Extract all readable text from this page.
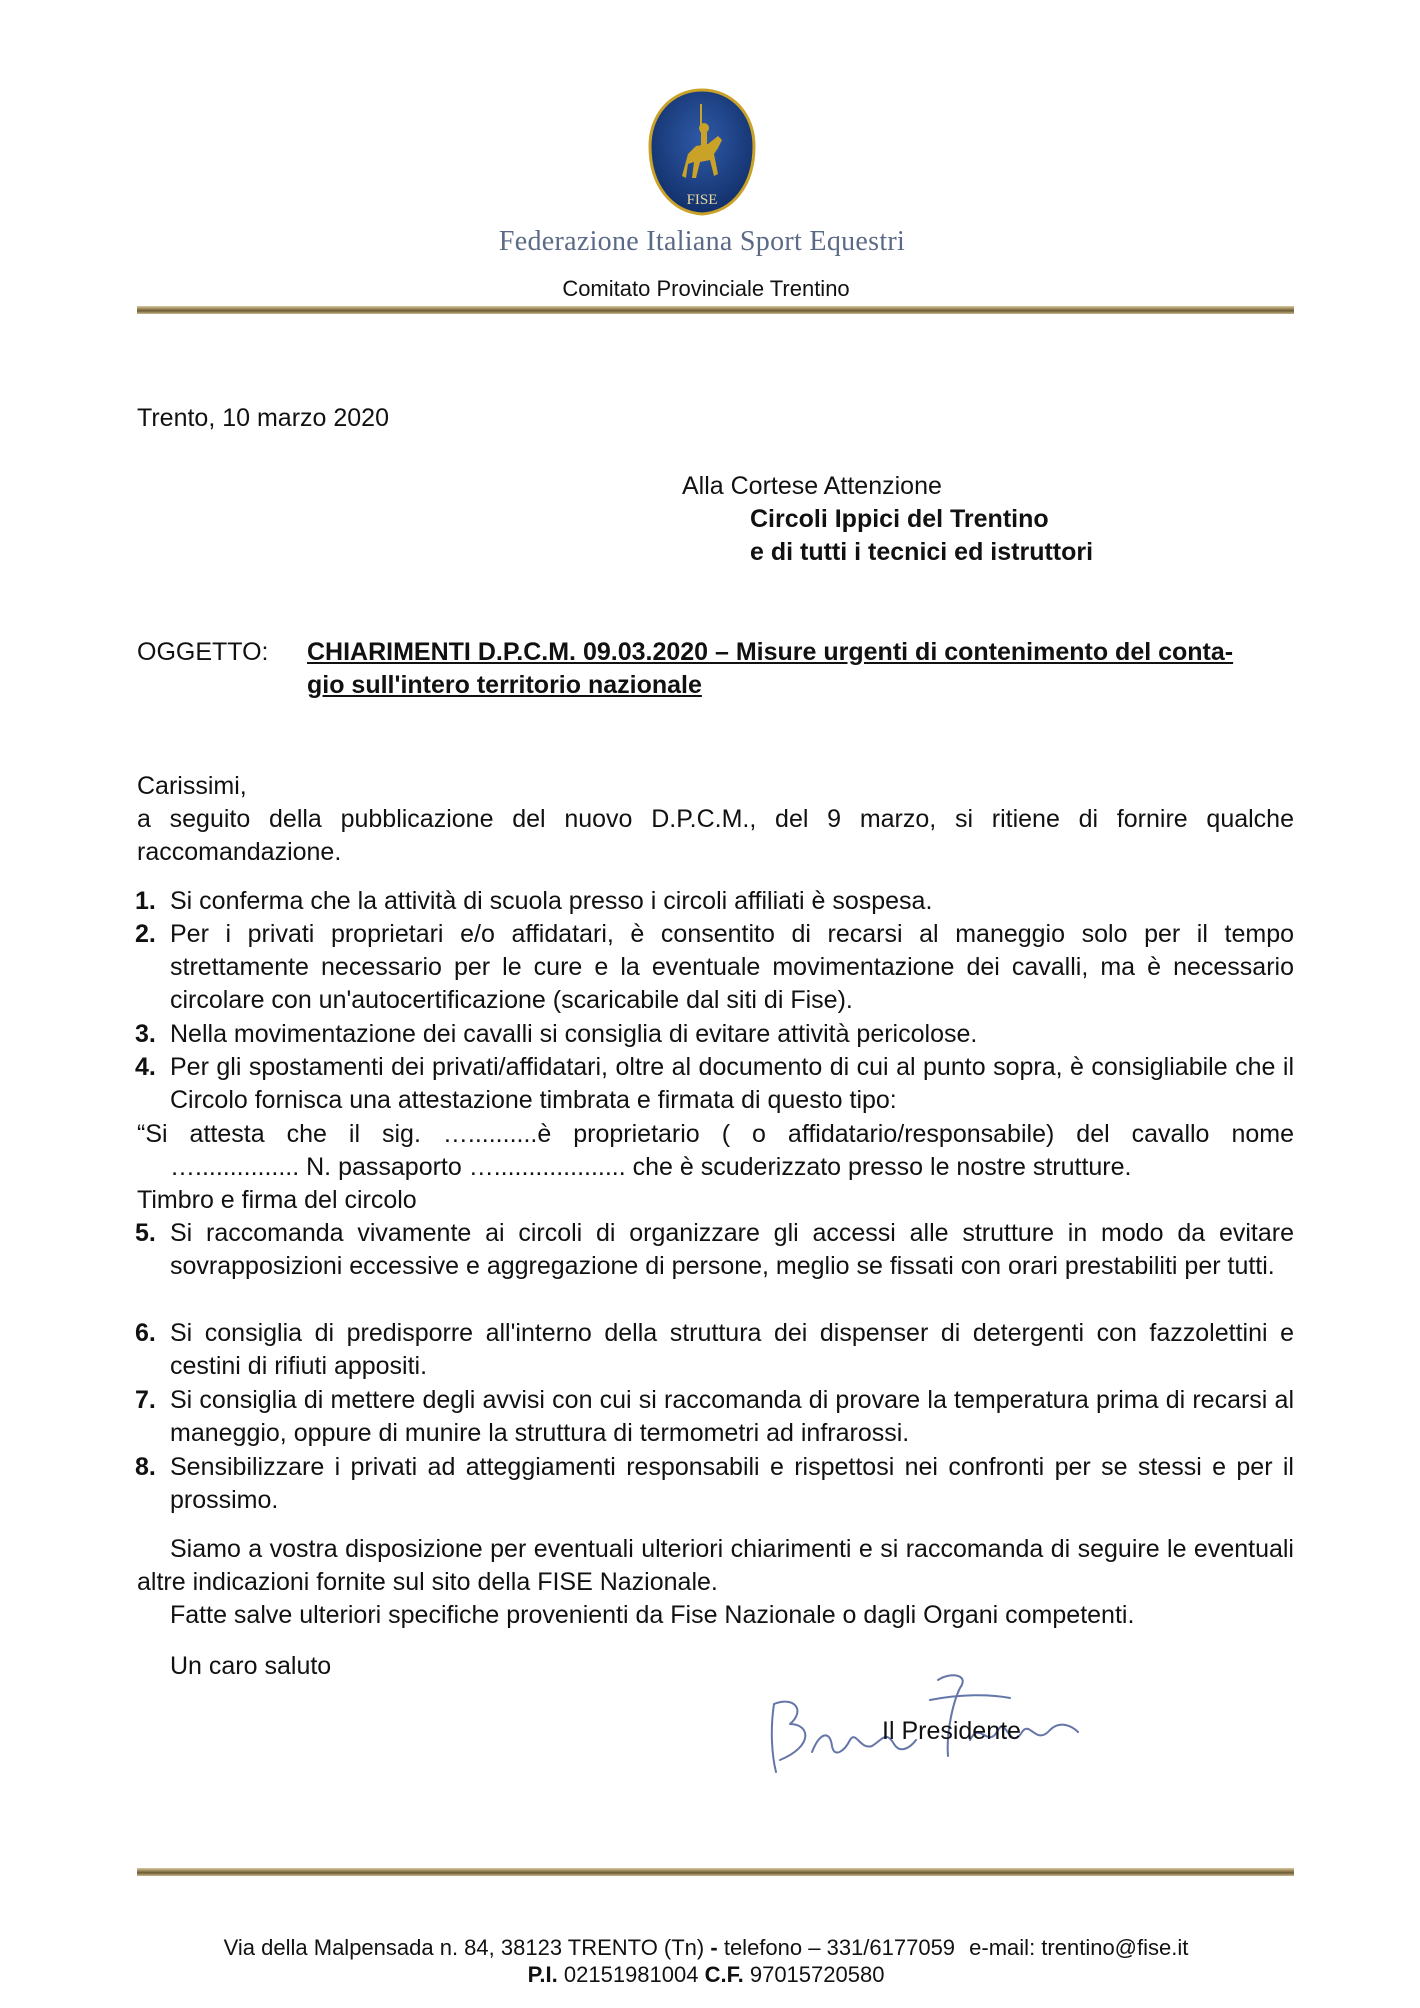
FISE
Federazione Italiana Sport Equestri
Comitato Provinciale Trentino
Trento, 10 marzo 2020
Alla Cortese Attenzione
Circoli Ippici del Trentino
e di tutti i tecnici ed istruttori
OGGETTO: CHIARIMENTI D.P.C.M. 09.03.2020 – Misure urgenti di contenimento del conta-
gio sull'intero territorio nazionale
Carissimi,
a seguito della pubblicazione del nuovo D.P.C.M., del 9 marzo, si ritiene di fornire qualche
raccomandazione.
1. Si conferma che la attività di scuola presso i circoli affiliati è sospesa.
2. Per i privati proprietari e/o affidatari, è consentito di recarsi al maneggio solo per il tempo strettamente necessario per le cure e la eventuale movimentazione dei cavalli, ma è necessario circolare con un'autocertificazione (scaricabile dal siti di Fise).
3. Nella movimentazione dei cavalli si consiglia di evitare attività pericolose.
4. Per gli spostamenti dei privati/affidatari, oltre al documento di cui al punto sopra, è consigliabile che il Circolo fornisca una attestazione timbrata e firmata di questo tipo:
“Si attesta che il sig. …..........è proprietario ( o affidatario/responsabile) del cavallo nome
…............... N. passaporto …................... che è scuderizzato presso le nostre strutture.
Timbro e firma del circolo
5. Si raccomanda vivamente ai circoli di organizzare gli accessi alle strutture in modo da evitare sovrapposizioni eccessive e aggregazione di persone, meglio se fissati con orari prestabiliti per tutti.
6. Si consiglia di predisporre all'interno della struttura dei dispenser di detergenti con fazzolettini e cestini di rifiuti appositi.
7. Si consiglia di mettere degli avvisi con cui si raccomanda di provare la temperatura prima di recarsi al maneggio, oppure di munire la struttura di termometri ad infrarossi.
8. Sensibilizzare i privati ad atteggiamenti responsabili e rispettosi nei confronti per se stessi e per il prossimo.
Siamo a vostra disposizione per eventuali ulteriori chiarimenti e si raccomanda di seguire le eventuali altre indicazioni fornite sul sito della FISE Nazionale.
Fatte salve ulteriori specifiche provenienti da Fise Nazionale o dagli Organi competenti.
Un caro saluto
Il Presidente
Via della Malpensada n. 84, 38123 TRENTO (Tn) - telefono – 331/6177059 e-mail: trentino@fise.it
P.I. 02151981004 C.F. 97015720580
